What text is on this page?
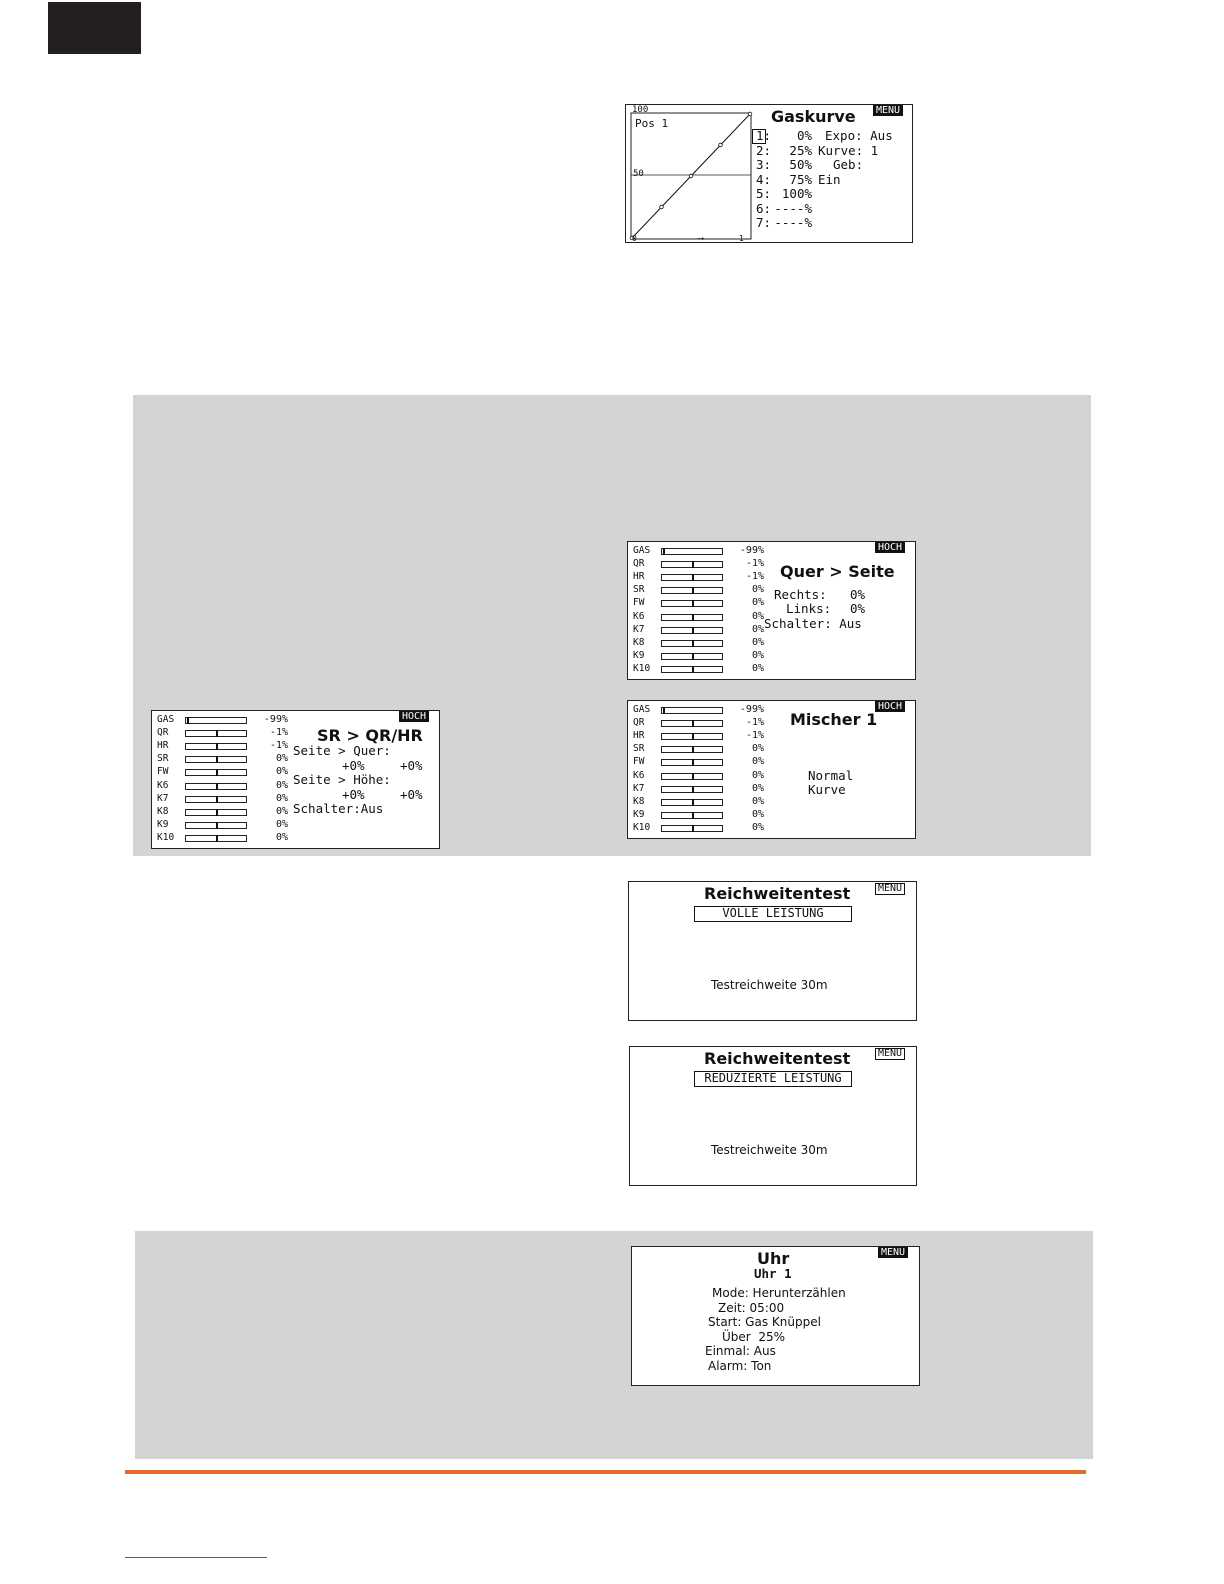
100
50
0	1
⟶
Pos 1
MENU
Gaskurve
1:	0% Expo: Aus
2:	25% Kurve: 1
3:	50% Geb:
4:	75% Ein
5: 100%
6: ----%
7: ----%
HOCH
Quer > Seite
Rechts: 0%
Links: 0%
Schalter: Aus
GAS	-99%
QR	-1%
HR	-1%
SR	0%
FW	0%
K6	0%
K7	0%
K8	0%
K9	0%
K10	0%
HOCH
SR > QR/HR
Seite > Quer:
+0%	+0%
Seite > Höhe:
+0%	+0%
Schalter:Aus
GAS	-99%
QR	-1%
HR	-1%
SR	0%
FW	0%
K6	0%
K7	0%
K8	0%
K9	0%
K10	0%
HOCH
Mischer 1
Normal
Kurve
GAS	-99%
QR	-1%
HR	-1%
SR	0%
FW	0%
K6	0%
K7	0%
K8	0%
K9	0%
K10	0%
MENU
Reichweitentest
VOLLE LEISTUNG
Testreichweite 30m
MENU
Reichweitentest
REDUZIERTE LEISTUNG
Testreichweite 30m
MENU
Uhr
Uhr 1
Mode: Herunterzählen
Zeit: 05:00
Start: Gas Knüppel
Über  25%
Einmal: Aus
Alarm: Ton
